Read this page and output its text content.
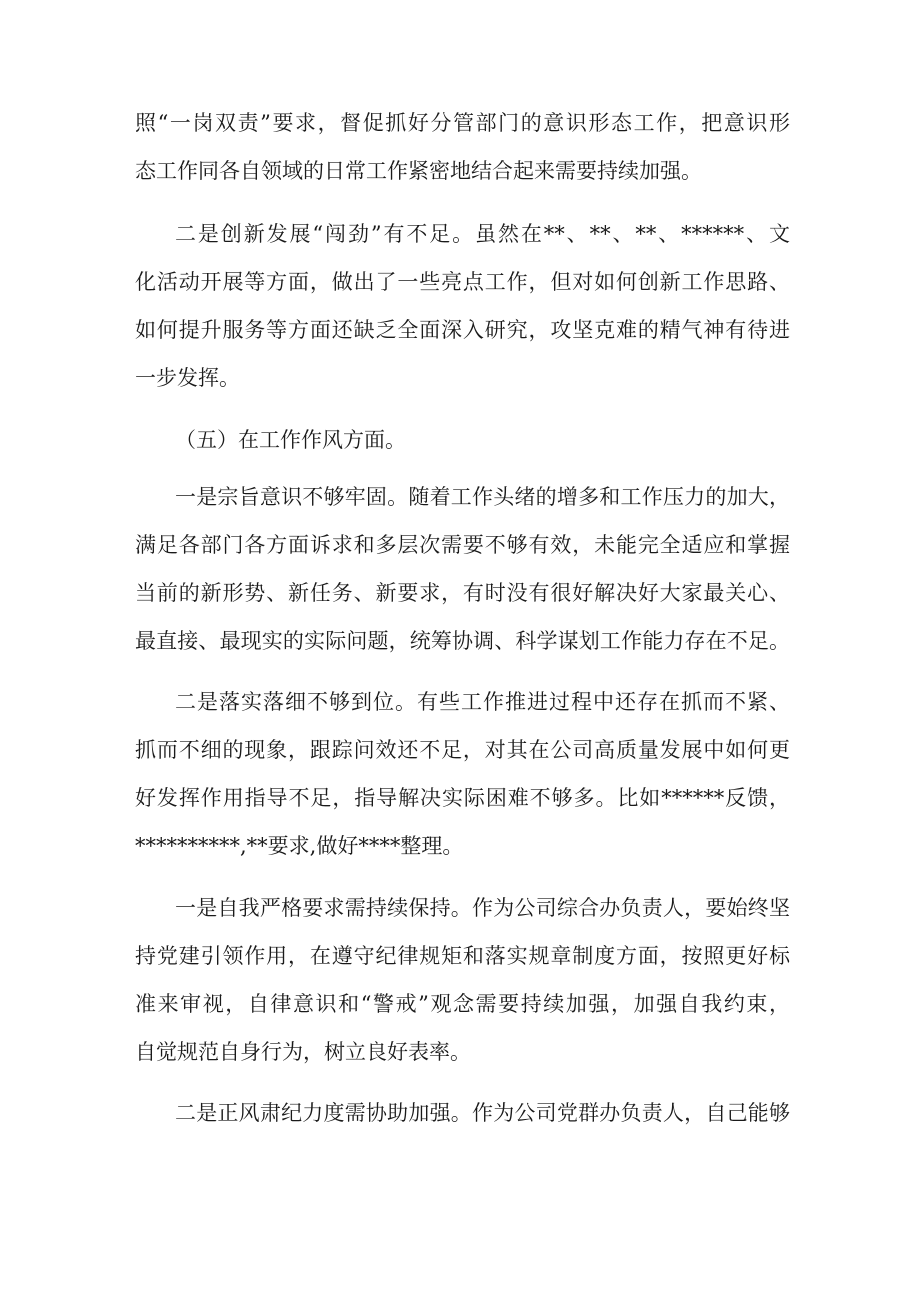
照“一岗双责”要求，督促抓好分管部门的意识形态工作，把意识形
态工作同各自领域的日常工作紧密地结合起来需要持续加强。
二是创新发展“闯劲”有不足。虽然在**、**、**、******、文
化活动开展等方面，做出了一些亮点工作，但对如何创新工作思路、
如何提升服务等方面还缺乏全面深入研究，攻坚克难的精气神有待进
一步发挥。
（五）在工作作风方面。
一是宗旨意识不够牢固。随着工作头绪的增多和工作压力的加大，
满足各部门各方面诉求和多层次需要不够有效，未能完全适应和掌握
当前的新形势、新任务、新要求，有时没有很好解决好大家最关心、
最直接、最现实的实际问题，统筹协调、科学谋划工作能力存在不足。
二是落实落细不够到位。有些工作推进过程中还存在抓而不紧、
抓而不细的现象，跟踪问效还不足，对其在公司高质量发展中如何更
好发挥作用指导不足，指导解决实际困难不够多。比如******反馈，
**********,**要求,做好****整理。
一是自我严格要求需持续保持。作为公司综合办负责人，要始终坚
持党建引领作用，在遵守纪律规矩和落实规章制度方面，按照更好标
准来审视，自律意识和“警戒”观念需要持续加强，加强自我约束，
自觉规范自身行为，树立良好表率。
二是正风肃纪力度需协助加强。作为公司党群办负责人，自己能够
